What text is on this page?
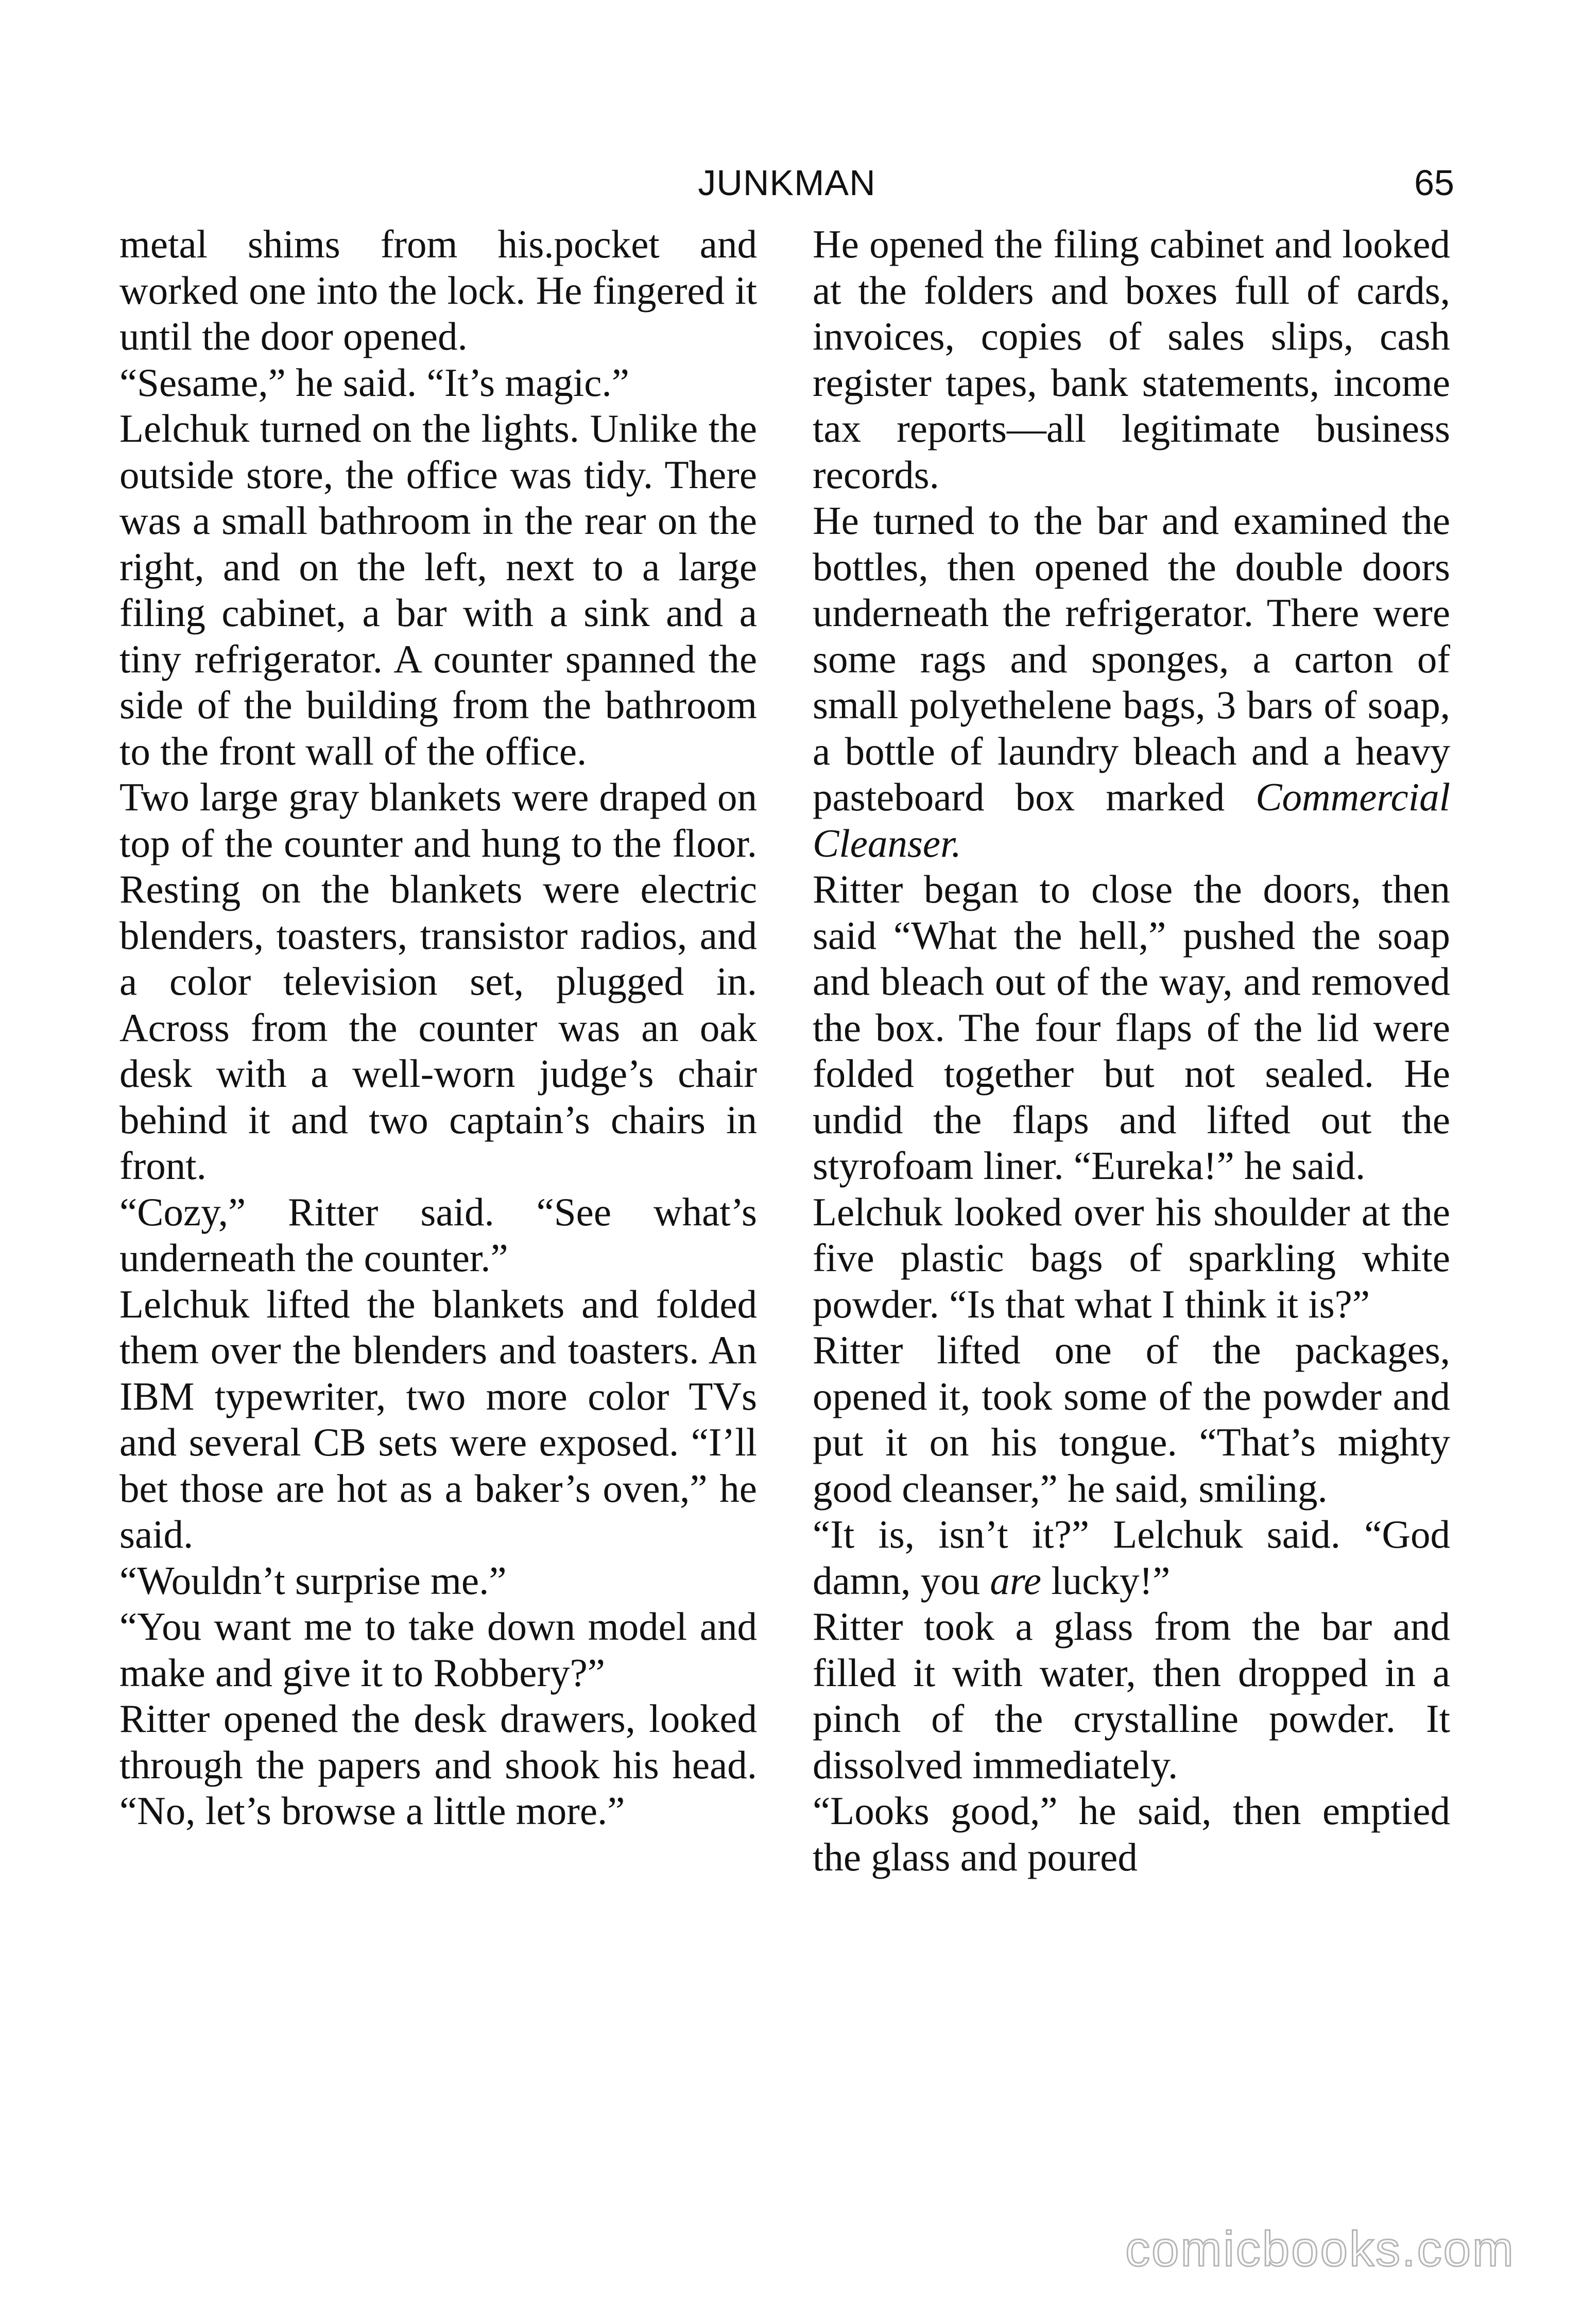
JUNKMAN	65

metal shims from his.pocket and worked one into the lock. He fingered it until the door opened.

“Sesame,” he said. “It’s magic.”

Lelchuk turned on the lights. Unlike the outside store, the office was tidy. There was a small bathroom in the rear on the right, and on the left, next to a large filing cabinet, a bar with a sink and a tiny refrigerator. A counter spanned the side of the building from the bathroom to the front wall of the office.

Two large gray blankets were draped on top of the counter and hung to the floor. Resting on the blankets were electric blenders, toasters, transistor radios, and a color television set, plugged in. Across from the counter was an oak desk with a well-worn judge’s chair behind it and two captain’s chairs in front.

“Cozy,” Ritter said. “See what’s underneath the counter.”

Lelchuk lifted the blankets and folded them over the blenders and toasters. An IBM typewriter, two more color TVs and several CB sets were exposed. “I’ll bet those are hot as a baker’s oven,” he said.

“Wouldn’t surprise me.”

“You want me to take down model and make and give it to Robbery?”

Ritter opened the desk drawers, looked through the papers and shook his head. “No, let’s browse a little more.”

He opened the filing cabinet and looked at the folders and boxes full of cards, invoices, copies of sales slips, cash register tapes, bank statements, income tax reports—all legitimate business records.

He turned to the bar and examined the bottles, then opened the double doors underneath the refrigerator. There were some rags and sponges, a carton of small polyethelene bags, 3 bars of soap, a bottle of laundry bleach and a heavy pasteboard box marked Commercial Cleanser.

Ritter began to close the doors, then said “What the hell,” pushed the soap and bleach out of the way, and removed the box. The four flaps of the lid were folded together but not sealed. He undid the flaps and lifted out the styrofoam liner. “Eureka!” he said.

Lelchuk looked over his shoulder at the five plastic bags of sparkling white powder. “Is that what I think it is?”

Ritter lifted one of the packages, opened it, took some of the powder and put it on his tongue. “That’s mighty good cleanser,” he said, smiling.

“It is, isn’t it?” Lelchuk said. “God damn, you are lucky!”

Ritter took a glass from the bar and filled it with water, then dropped in a pinch of the crystalline powder. It dissolved immediately.

“Looks good,” he said, then emptied the glass and poured

comicbooks.com
